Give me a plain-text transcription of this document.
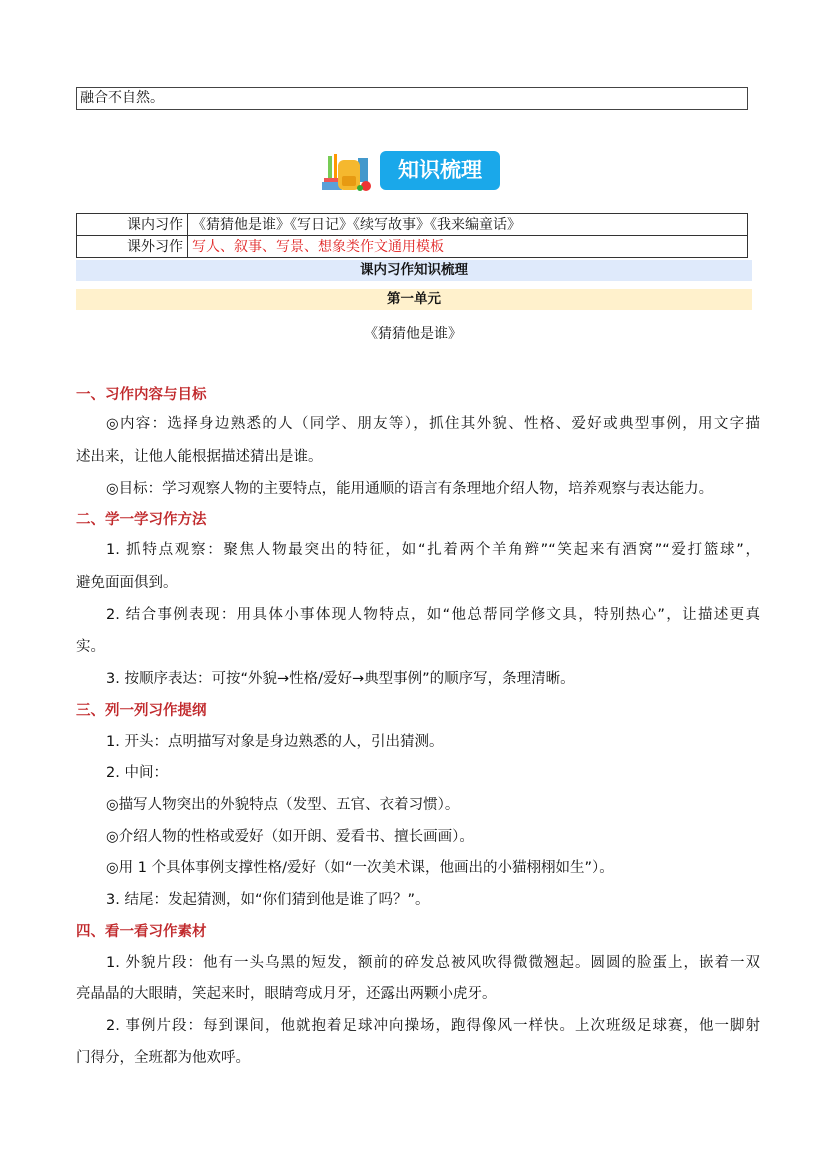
融合不自然。
知识梳理
课内习作	《猜猜他是谁》《写日记》《续写故事》《我来编童话》
课外习作	写人、叙事、写景、想象类作文通用模板
课内习作知识梳理
第一单元
《猜猜他是谁》
一、习作内容与目标
◎内容：选择身边熟悉的人（同学、朋友等），抓住其外貌、性格、爱好或典型事例，用文字描
述出来，让他人能根据描述猜出是谁。
◎目标：学习观察人物的主要特点，能用通顺的语言有条理地介绍人物，培养观察与表达能力。
二、学一学习作方法
1. 抓特点观察：聚焦人物最突出的特征，如“扎着两个羊角辫”“笑起来有酒窝”“爱打篮球”，
避免面面俱到。
2. 结合事例表现：用具体小事体现人物特点，如“他总帮同学修文具，特别热心”，让描述更真
实。
3. 按顺序表达：可按“外貌→性格/爱好→典型事例”的顺序写，条理清晰。
三、列一列习作提纲
1. 开头：点明描写对象是身边熟悉的人，引出猜测。
2. 中间：
◎描写人物突出的外貌特点（发型、五官、衣着习惯）。
◎介绍人物的性格或爱好（如开朗、爱看书、擅长画画）。
◎用 1 个具体事例支撑性格/爱好（如“一次美术课，他画出的小猫栩栩如生”）。
3. 结尾：发起猜测，如“你们猜到他是谁了吗？”。
四、看一看习作素材
1. 外貌片段：他有一头乌黑的短发，额前的碎发总被风吹得微微翘起。圆圆的脸蛋上，嵌着一双
亮晶晶的大眼睛，笑起来时，眼睛弯成月牙，还露出两颗小虎牙。
2. 事例片段：每到课间，他就抱着足球冲向操场，跑得像风一样快。上次班级足球赛，他一脚射
门得分，全班都为他欢呼。
